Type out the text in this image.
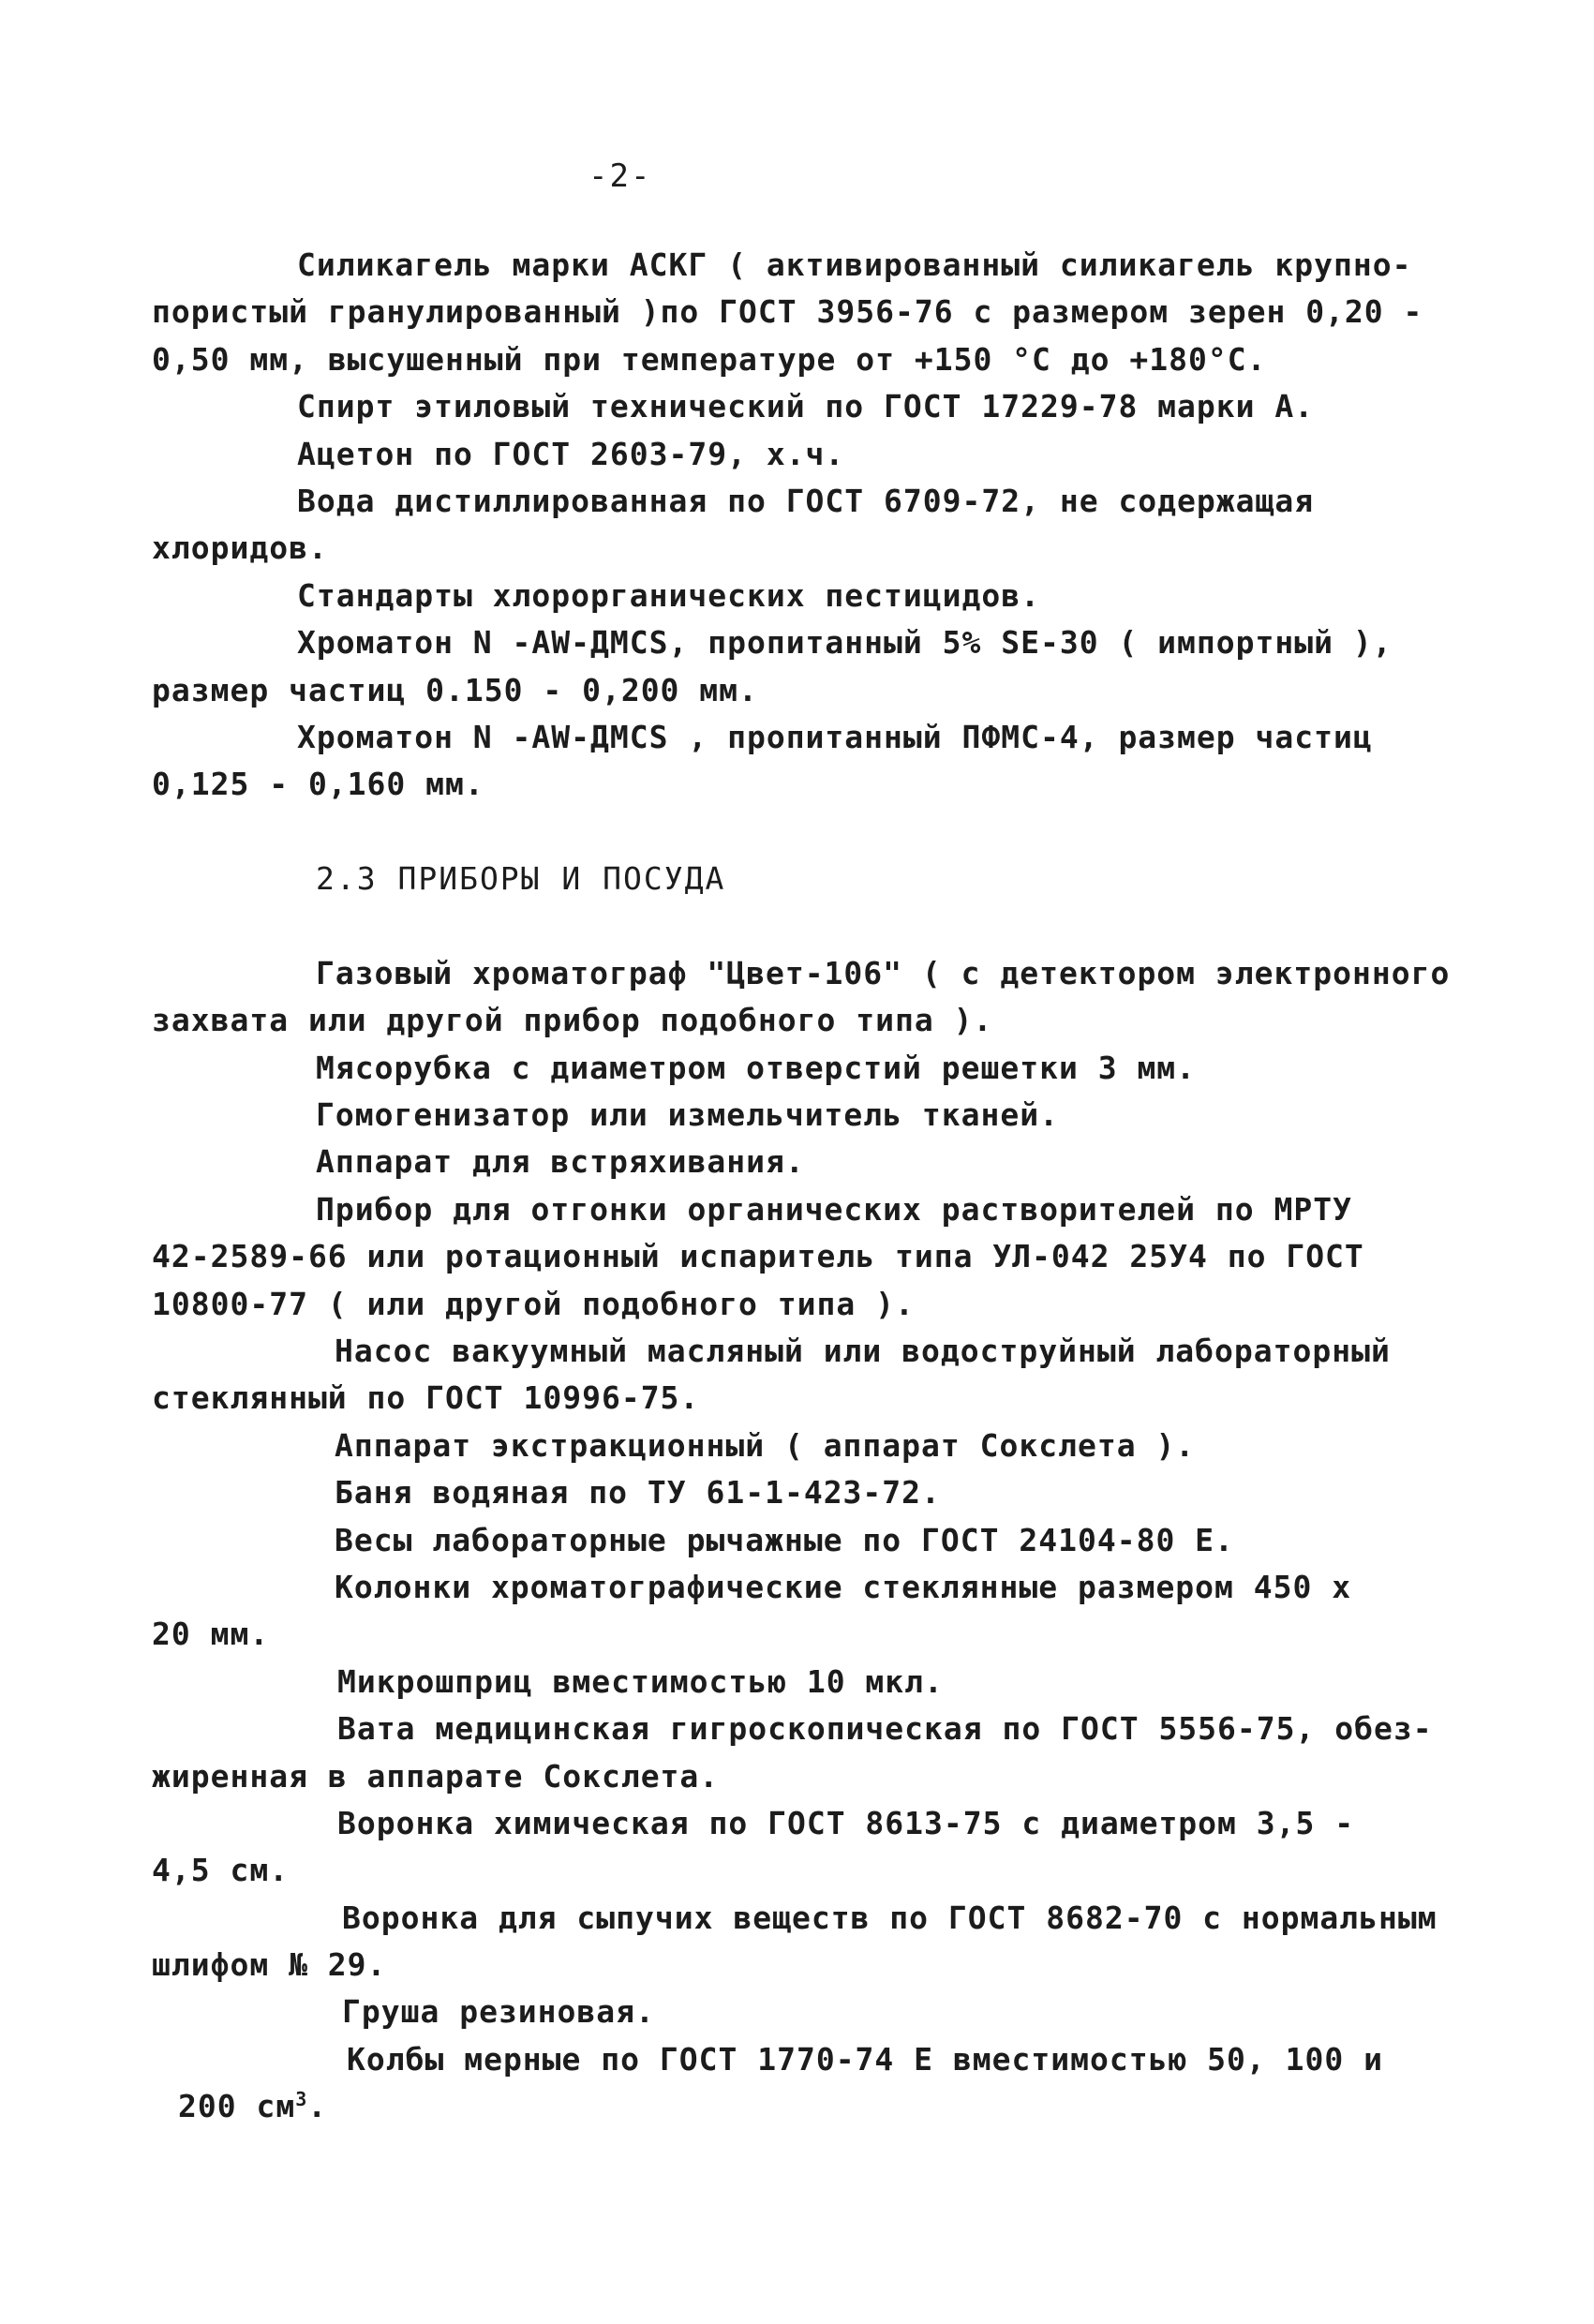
-2-
Силикагель марки АСКГ ( активированный силикагель крупно-
пористый гранулированный )по ГОСТ 3956-76 с размером зерен 0,20 -
0,50 мм, высушенный при температуре от +150 °С до +180°С.
Спирт этиловый технический по ГОСТ 17229-78 марки А.
Ацетон по ГОСТ 2603-79, х.ч.
Вода дистиллированная по ГОСТ 6709-72, не содержащая
хлоридов.
Стандарты хлорорганических пестицидов.
Хроматон N -AW-ДМCS, пропитанный 5% SE-30 ( импортный ),
размер частиц 0.150 - 0,200 мм.
Хроматон N -AW-ДМCS , пропитанный ПФМС-4, размер частиц
0,125 - 0,160 мм.
2.3 ПРИБОРЫ И ПОСУДА
Газовый хроматограф "Цвет-106" ( с детектором электронного
захвата или другой прибор подобного типа ).
Мясорубка с диаметром отверстий решетки 3 мм.
Гомогенизатор или измельчитель тканей.
Аппарат для встряхивания.
Прибор для отгонки органических растворителей по МРТУ
42-2589-66 или ротационный испаритель типа УЛ-042 25У4 по ГОСТ
10800-77 ( или другой подобного типа ).
Насос вакуумный масляный или водоструйный лабораторный
стеклянный по ГОСТ 10996-75.
Аппарат экстракционный ( аппарат Сокслета ).
Баня водяная по ТУ 61-1-423-72.
Весы лабораторные рычажные по ГОСТ 24104-80 Е.
Колонки хроматографические стеклянные размером 450 х
20 мм.
Микрошприц вместимостью 10 мкл.
Вата медицинская гигроскопическая по ГОСТ 5556-75, обез-
жиренная в аппарате Сокслета.
Воронка химическая по ГОСТ 8613-75 с диаметром 3,5 -
4,5 см.
Воронка для сыпучих веществ по ГОСТ 8682-70 с нормальным
шлифом № 29.
Груша резиновая.
Колбы мерные по ГОСТ 1770-74 Е вместимостью 50, 100 и
200 $см^3$.
